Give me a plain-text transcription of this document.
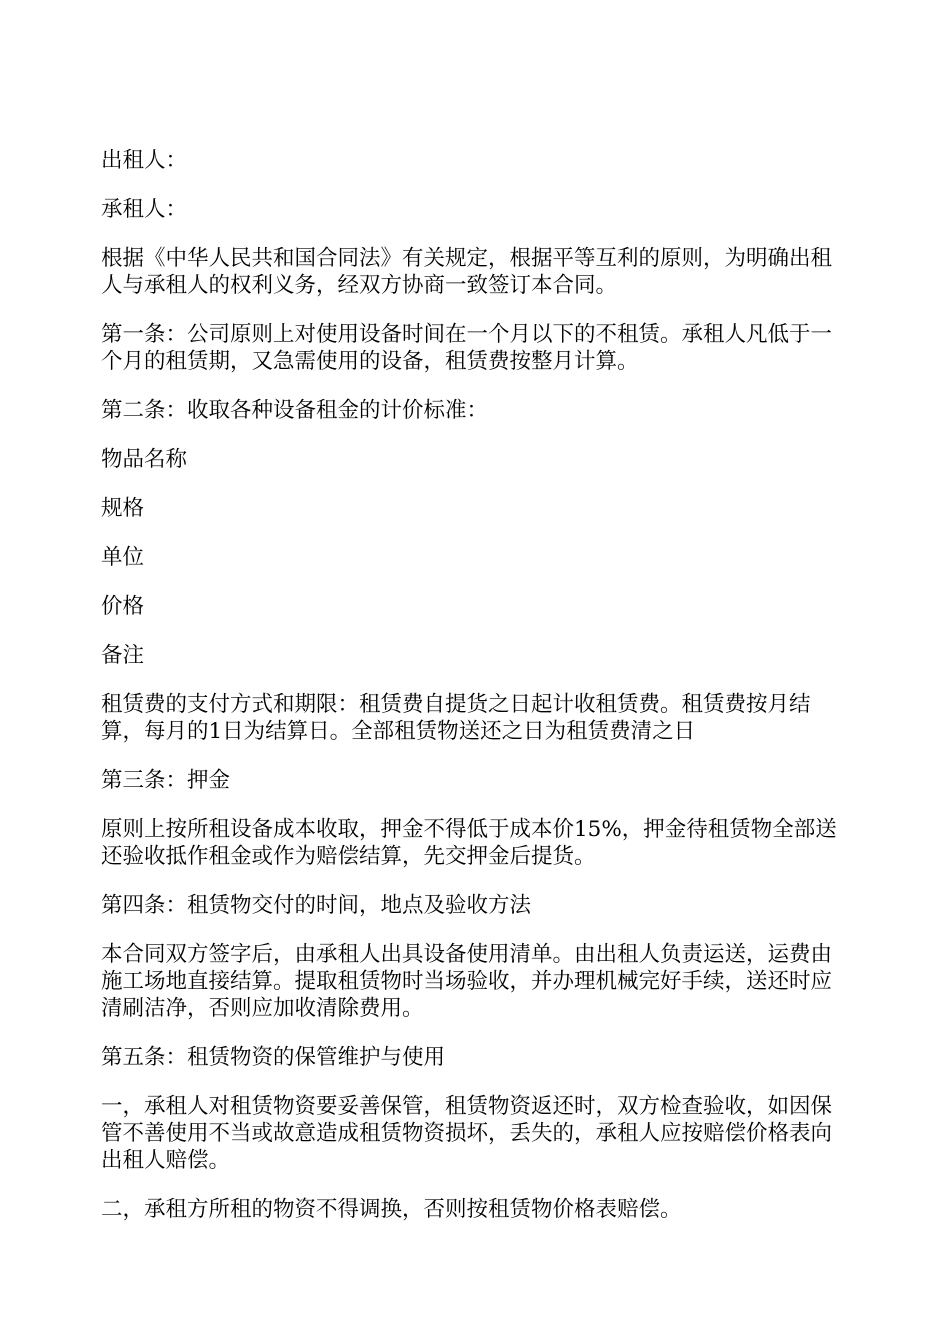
出租人：

承租人：

根据《中华人民共和国合同法》有关规定，根据平等互利的原则，为明确出租人与承租人的权利义务，经双方协商一致签订本合同。

第一条：公司原则上对使用设备时间在一个月以下的不租赁。承租人凡低于一个月的租赁期，又急需使用的设备，租赁费按整月计算。

第二条：收取各种设备租金的计价标准：

物品名称

规格

单位

价格

备注

租赁费的支付方式和期限：租赁费自提货之日起计收租赁费。租赁费按月结算，每月的1日为结算日。全部租赁物送还之日为租赁费清之日

第三条：押金

原则上按所租设备成本收取，押金不得低于成本价15%，押金待租赁物全部送还验收抵作租金或作为赔偿结算，先交押金后提货。

第四条：租赁物交付的时间，地点及验收方法

本合同双方签字后，由承租人出具设备使用清单。由出租人负责运送，运费由施工场地直接结算。提取租赁物时当场验收，并办理机械完好手续，送还时应清刷洁净，否则应加收清除费用。

第五条：租赁物资的保管维护与使用

一，承租人对租赁物资要妥善保管，租赁物资返还时，双方检查验收，如因保管不善使用不当或故意造成租赁物资损坏，丢失的，承租人应按赔偿价格表向出租人赔偿。

二，承租方所租的物资不得调换，否则按租赁物价格表赔偿。
